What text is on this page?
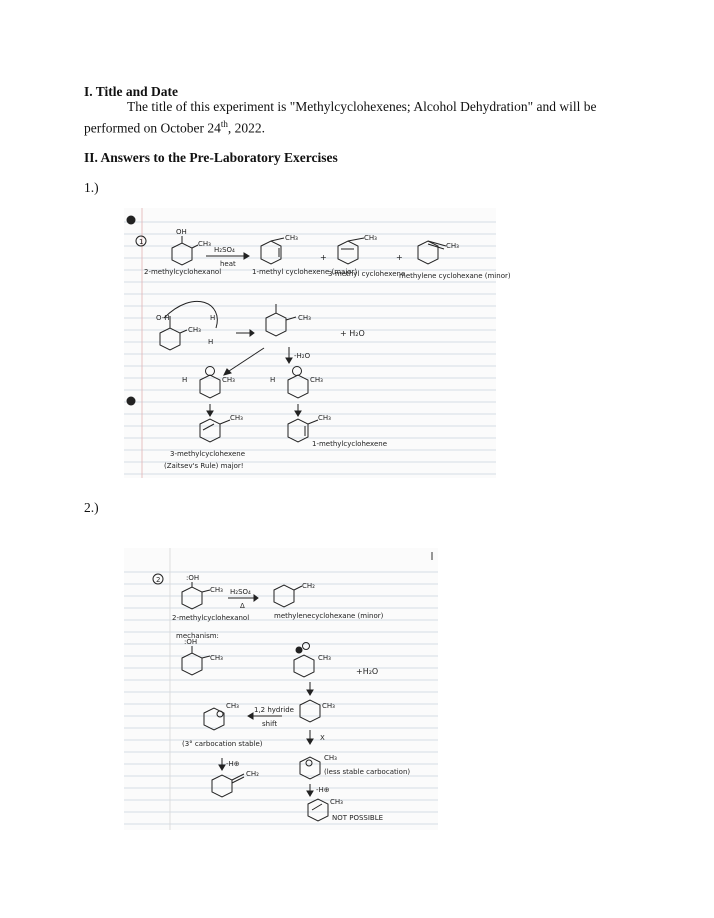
I. Title and Date
The title of this experiment is "Methylcyclohexenes; Alcohol Dehydration" and will be
performed on October 24th, 2022.
II. Answers to the Pre-Laboratory Exercises
1.)
1
OH
CH₃
H₂SO₄
heat
2-methylcyclohexanol
CH₃
1-methyl cyclohexene (major)
+
CH₃
3-methyl cyclohexene
+
CH₃
methylene cyclohexane (minor)
O-H
CH₃
H
H
CH₃
+ H₂O
-H₂O
H	CH₃	H	CH₃
CH₃	CH₃
3-methylcyclohexene
(Zaitsev's Rule) major!
1-methylcyclohexene
2.)
2	:OH
CH₃ H₂SO₄
Δ
CH₂
2-methylcyclohexanol	methylenecyclohexane (minor)
mechanism:
:OH
CH₃	CH₃
+H₂O
CH₃
1,2 hydride
shift
CH₃
(3° carbocation stable)
X
-H⊕
CH₂
CH₃
(less stable carbocation)
-H⊕
CH₃
NOT POSSIBLE
